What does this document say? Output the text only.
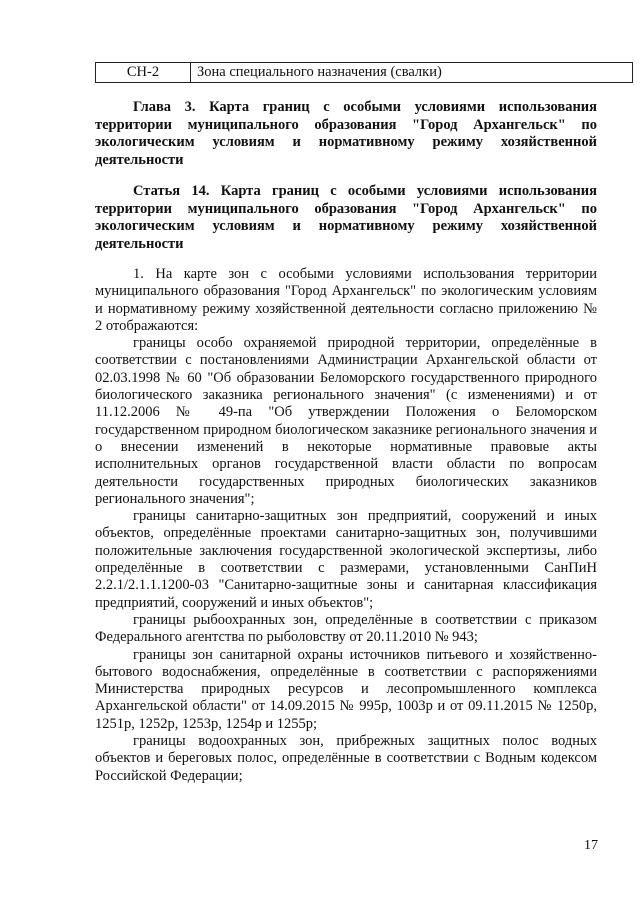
СН-2	Зона специального назначения (свалки)

Глава 3. Карта границ с особыми условиями использования территории муниципального образования "Город Архангельск" по экологическим условиям и нормативному режиму хозяйственной деятельности

Статья 14. Карта границ с особыми условиями использования территории муниципального образования "Город Архангельск" по экологическим условиям и нормативному режиму хозяйственной деятельности

1. На карте зон с особыми условиями использования территории муниципального образования "Город Архангельск" по экологическим условиям и нормативному режиму хозяйственной деятельности согласно приложению № 2 отображаются:

границы особо охраняемой природной территории, определённые в соответствии с постановлениями Администрации Архангельской области от 02.03.1998 № 60 "Об образовании Беломорского государственного природного биологического заказника регионального значения" (с изменениями) и от 11.12.2006 № 49-па "Об утверждении Положения о Беломорском государственном природном биологическом заказнике регионального значения и о внесении изменений в некоторые нормативные правовые акты исполнительных органов государственной власти области по вопросам деятельности государственных природных биологических заказников регионального значения";

границы санитарно-защитных зон предприятий, сооружений и иных объектов, определённые проектами санитарно-защитных зон, получившими положительные заключения государственной экологической экспертизы, либо определённые в соответствии с размерами, установленными СанПиН 2.2.1/2.1.1.1200-03 "Санитарно-защитные зоны и санитарная классификация предприятий, сооружений и иных объектов";

границы рыбоохранных зон, определённые в соответствии с приказом Федерального агентства по рыболовству от 20.11.2010 № 943;

границы зон санитарной охраны источников питьевого и хозяйственно-бытового водоснабжения, определённые в соответствии с распоряжениями Министерства природных ресурсов и лесопромышленного комплекса Архангельской области" от 14.09.2015 № 995р, 1003р и от 09.11.2015 № 1250р, 1251р, 1252р, 1253р, 1254р и 1255р;

границы водоохранных зон, прибрежных защитных полос водных объектов и береговых полос, определённые в соответствии с Водным кодексом Российской Федерации;

17
